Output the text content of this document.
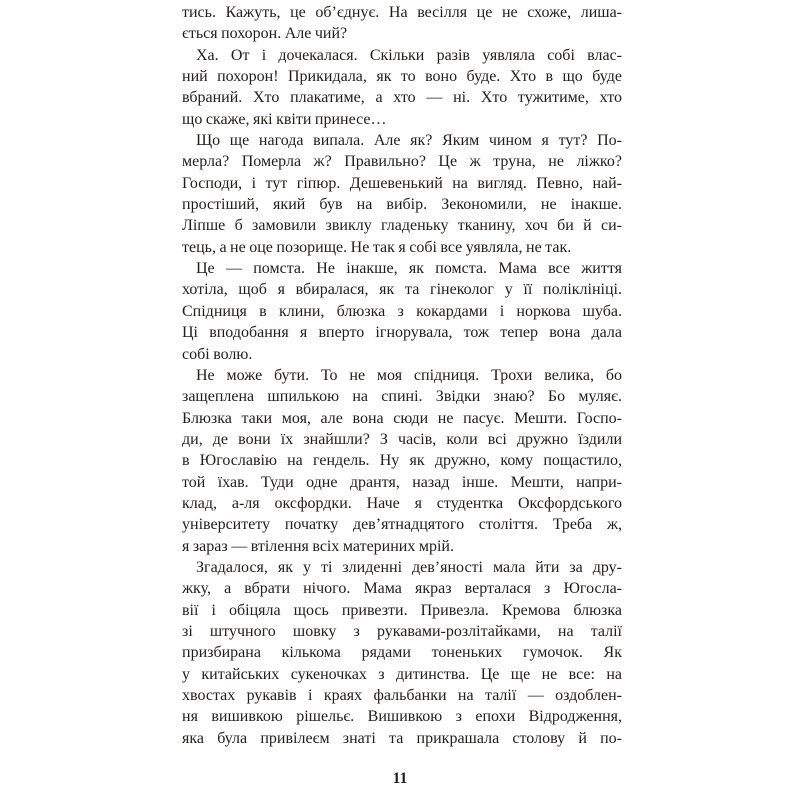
тись. Кажуть, це об’єднує. На весілля це не схоже, лиша-
ється похорон. Але чий?
Ха. От і дочекалася. Скільки разів уявляла собі влас-
ний похорон! Прикидала, як то воно буде. Хто в що буде
вбраний. Хто плакатиме, а хто — ні. Хто тужитиме, хто
що скаже, які квіти принесе…
Що ще нагода випала. Але як? Яким чином я тут? По-
мерла? Померла ж? Правильно? Це ж труна, не ліжко?
Господи, і тут гіпюр. Дешевенький на вигляд. Певно, най-
простіший, який був на вибір. Зекономили, не інакше.
Ліпше б замовили звиклу гладеньку тканину, хоч би й си-
тець, а не оце позорище. Не так я собі все уявляла, не так.
Це — помста. Не інакше, як помста. Мама все життя
хотіла, щоб я вбиралася, як та гінеколог у її поліклініці.
Спідниця в клини, блюзка з кокардами і норкова шуба.
Ці вподобання я вперто ігнорувала, тож тепер вона дала
собі волю.
Не може бути. То не моя спідниця. Трохи велика, бо
защеплена шпилькою на спині. Звідки знаю? Бо муляє.
Блюзка таки моя, але вона сюди не пасує. Мешти. Госпо-
ди, де вони їх знайшли? З часів, коли всі дружно їздили
в Югославію на гендель. Ну як дружно, кому пощастило,
той їхав. Туди одне дрантя, назад інше. Мешти, напри-
клад, а-ля оксфордки. Наче я студентка Оксфордського
університету початку дев’ятнадцятого століття. Треба ж,
я зараз — втілення всіх материних мрій.
Згадалося, як у ті злиденні дев’яності мала йти за дру-
жку, а вбрати нічого. Мама якраз верталася з Югосла-
вії і обіцяла щось привезти. Привезла. Кремова блюзка
зі штучного шовку з рукавами-розлітайками, на талії
призбирана кількома рядами тоненьких гумочок. Як
у китайських сукеночках з дитинства. Це ще не все: на
хвостах рукавів і краях фальбанки на талії — оздоблен-
ня вишивкою рішельє. Вишивкою з епохи Відродження,
яка була привілеєм знаті та прикрашала столову й по-
11
